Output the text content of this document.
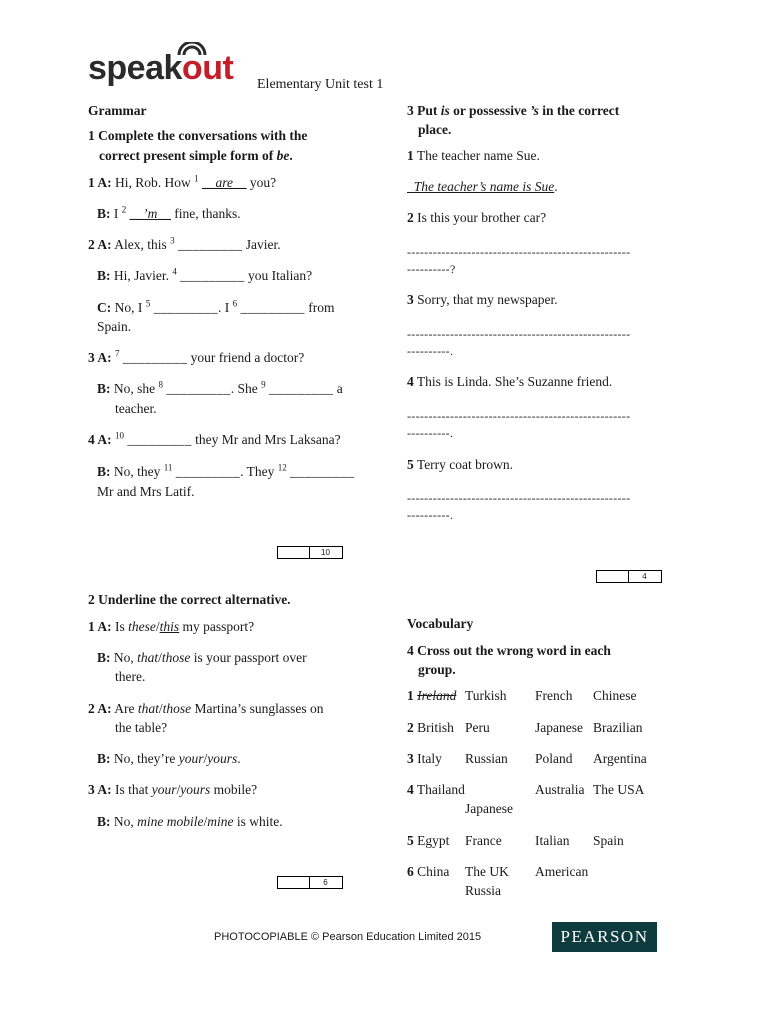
speak
out Elementary Unit test 1
Grammar
1 Complete the conversations with the
correct present simple form of be.
1 A: Hi, Rob. How $^1$ __are__ you?
B: I $^2$ __’m__ fine, thanks.
2 A: Alex, this $^3$ _________ Javier.
B: Hi, Javier. $^4$ _________ you Italian?
C: No, I $^5$ _________. I $^6$ _________ from
Spain.
3 A: $^7$ _________ your friend a doctor?
B: No, she $^8$ _________. She $^9$ _________ a
teacher.
4 A: $^{10}$ _________ they Mr and Mrs Laksana?
B: No, they $^{11}$ _________. They $^{12}$ _________
Mr and Mrs Latif.
10
2 Underline the correct alternative.
1 A: Is these/this my passport?
B: No, that/those is your passport over
there.
2 A: Are that/those Martina’s sunglasses on
the table?
B: No, they’re your/yours.
3 A: Is that your/yours mobile?
B: No, mine mobile/mine is white.
6
3 Put is or possessive ’s in the correct
place.
1 The teacher name Sue.
The teacher’s name is Sue.
2 Is this your brother car?
----------------------------------------------------
----------?
3 Sorry, that my newspaper.
----------------------------------------------------
----------.
4 This is Linda. She’s Suzanne friend.
----------------------------------------------------
----------.
5 Terry coat brown.
----------------------------------------------------
----------.
4
Vocabulary
4 Cross out the wrong word in each
group.
1 Ireland Turkish French Chinese
2 British Peru	Japanese Brazilian
3 Italy Russian Poland Argentina
4 Thailand
Japanese
Australia The USA
5 Egypt France Italian Spain
6 China The UK
Russia
American
PHOTOCOPIABLE © Pearson Education Limited 2015	PEARSON
